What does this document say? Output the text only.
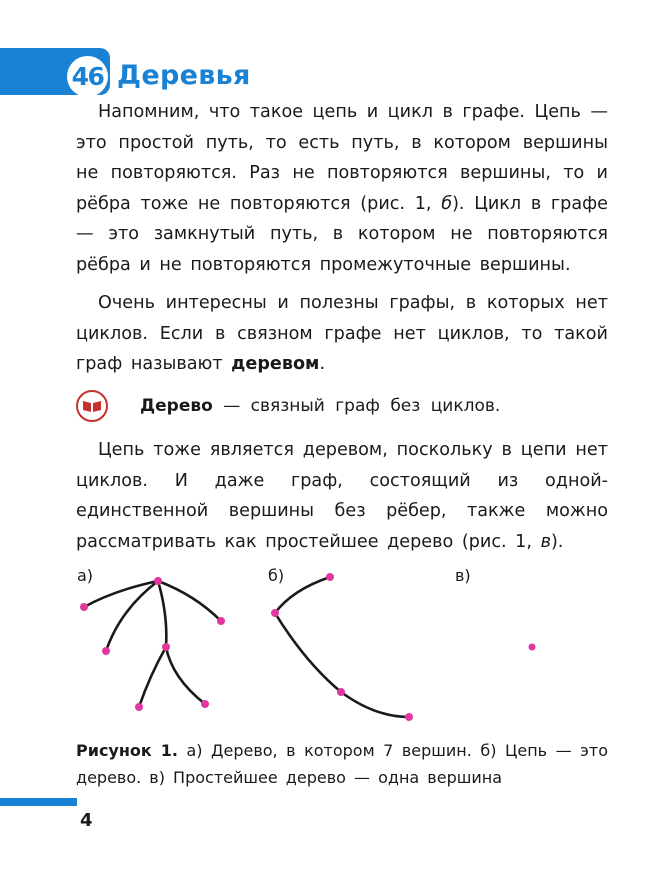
46 Деревья

Напомним, что такое цепь и цикл в графе. Цепь — это простой путь, то есть путь, в котором вершины не повторяются. Раз не повторяются вершины, то и рёбра тоже не повторяются (рис. 1, б). Цикл в графе — это замкнутый путь, в котором не повторяются рёбра и не повторяются промежуточные вершины.

Очень интересны и полезны графы, в которых нет циклов. Если в связном графе нет циклов, то такой граф называют деревом.

Дерево — связный граф без циклов.

Цепь тоже является деревом, поскольку в цепи нет циклов. И даже граф, состоящий из одной-единственной вершины без рёбер, также можно рассматривать как простейшее дерево (рис. 1, в).

а)	б)	в)

Рисунок 1. а) Дерево, в котором 7 вершин. б) Цепь — это дерево. в) Простейшее дерево — одна вершина

4
